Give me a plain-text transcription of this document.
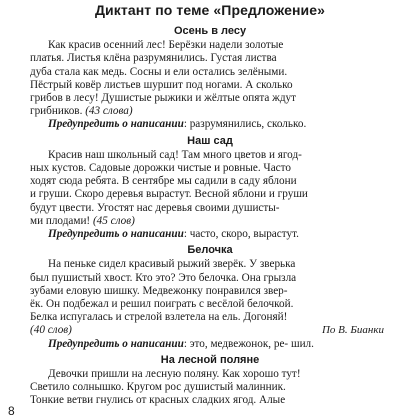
Диктант по теме «Предложение»
8
Осень в лесу
Как красив осенний лес! Берёзки надели золотые
платья. Листья клёна разрумянились. Густая листва
дуба стала как медь. Сосны и ели остались зелёными.
Пёстрый ковёр листьев шуршит под ногами. А сколько
грибов в лесу! Душистые рыжики и жёлтые опята ждут
грибников. (43 слова)
Предупредить о написании: разрумянились, сколько.
Наш сад
Красив наш школьный сад! Там много цветов и ягод-
ных кустов. Садовые дорожки чистые и ровные. Часто
ходят сюда ребята. В сентябре мы садили в саду яблони
и груши. Скоро деревья вырастут. Весной яблони и груши
будут цвести. Угостят нас деревья своими душисты-
ми плодами! (45 слов)
Предупредить о написании: часто, скоро, вырастут.
Белочка
На пеньке сидел красивый рыжий зверёк. У зверька
был пушистый хвост. Кто это? Это белочка. Она грызла
зубами еловую шишку. Медвежонку понравился звер-
ёк. Он подбежал и решил поиграть с весёлой белочкой.
Белка испугалась и стрелой взлетела на ель. Догоняй!
(40 слов)	По В. Бианки
Предупредить о написании: это, медвежонок, ре- шил.
На лесной поляне
Девочки пришли на лесную поляну. Как хорошо тут!
Светило солнышко. Кругом рос душистый малинник.
Тонкие ветви гнулись от красных сладких ягод. Алые
